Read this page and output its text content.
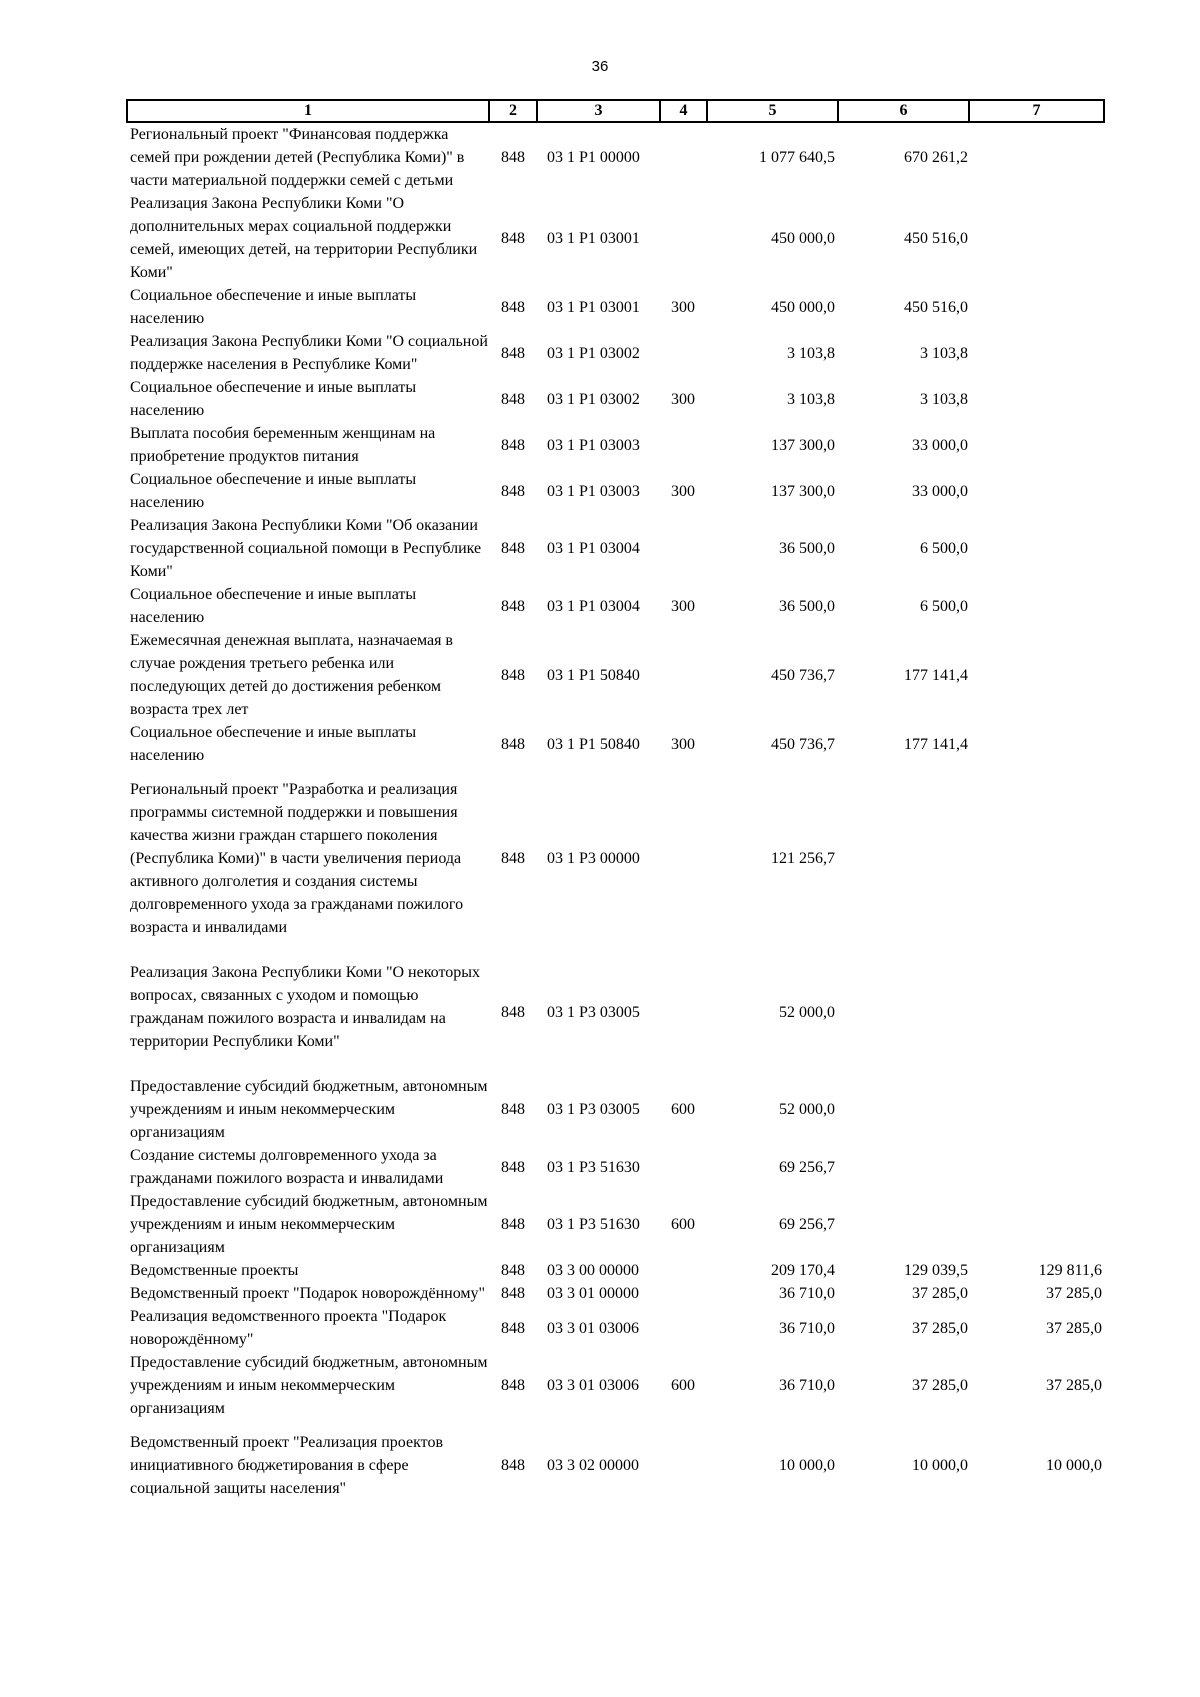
36
1	2	3	4	5	6	7
Региональный проект "Финансовая поддержка семей при рождении детей (Республика Коми)" в части материальной поддержки семей с детьми	848	03 1 P1 00000		1 077 640,5	670 261,2	
Реализация Закона Республики Коми "О дополнительных мерах социальной поддержки семей, имеющих детей, на территории Республики Коми"	848	03 1 P1 03001		450 000,0	450 516,0	
Социальное обеспечение и иные выплаты населению	848	03 1 P1 03001	300	450 000,0	450 516,0	
Реализация Закона Республики Коми "О социальной поддержке населения в Республике Коми"	848	03 1 P1 03002		3 103,8	3 103,8	
Социальное обеспечение и иные выплаты населению	848	03 1 P1 03002	300	3 103,8	3 103,8	
Выплата пособия беременным женщинам на приобретение продуктов питания	848	03 1 P1 03003		137 300,0	33 000,0	
Социальное обеспечение и иные выплаты населению	848	03 1 P1 03003	300	137 300,0	33 000,0	
Реализация Закона Республики Коми "Об оказании государственной социальной помощи в Республике Коми"	848	03 1 P1 03004		36 500,0	6 500,0	
Социальное обеспечение и иные выплаты населению	848	03 1 P1 03004	300	36 500,0	6 500,0	
Ежемесячная денежная выплата, назначаемая в случае рождения третьего ребенка или последующих детей до достижения ребенком возраста трех лет	848	03 1 P1 50840		450 736,7	177 141,4	
Социальное обеспечение и иные выплаты населению	848	03 1 P1 50840	300	450 736,7	177 141,4	
Региональный проект "Разработка и реализация программы системной поддержки и повышения качества жизни граждан старшего поколения (Республика Коми)" в части увеличения периода активного долголетия и создания системы долговременного ухода за гражданами пожилого возраста и инвалидами	848	03 1 P3 00000		121 256,7		
Реализация Закона Республики Коми "О некоторых вопросах, связанных с уходом и помощью гражданам пожилого возраста и инвалидам на территории Республики Коми"	848	03 1 P3 03005		52 000,0		
Предоставление субсидий бюджетным, автономным учреждениям и иным некоммерческим организациям	848	03 1 P3 03005	600	52 000,0		
Создание системы долговременного ухода за гражданами пожилого возраста и инвалидами	848	03 1 P3 51630		69 256,7		
Предоставление субсидий бюджетным, автономным учреждениям и иным некоммерческим организациям	848	03 1 P3 51630	600	69 256,7		
Ведомственные проекты	848	03 3 00 00000		209 170,4	129 039,5	129 811,6
Ведомственный проект "Подарок новорождённому"	848	03 3 01 00000		36 710,0	37 285,0	37 285,0
Реализация ведомственного проекта "Подарок новорождённому"	848	03 3 01 03006		36 710,0	37 285,0	37 285,0
Предоставление субсидий бюджетным, автономным учреждениям и иным некоммерческим организациям	848	03 3 01 03006	600	36 710,0	37 285,0	37 285,0
Ведомственный проект "Реализация проектов инициативного бюджетирования в сфере социальной защиты населения"	848	03 3 02 00000		10 000,0	10 000,0	10 000,0
